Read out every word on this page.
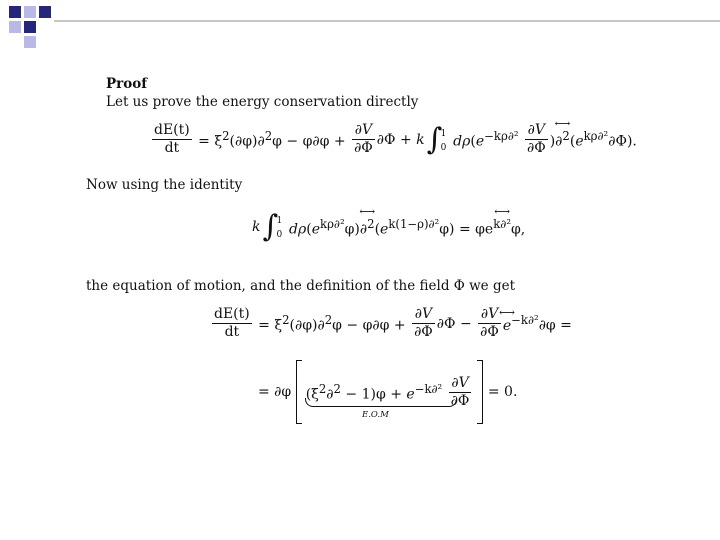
Proof
Let us prove the energy conservation directly
$\frac{dE(t)}{dt} = \xi^2(\partial\varphi)\partial^2\varphi - \varphi\partial\varphi + \frac{\partial V}{\partial\Phi} \partial\Phi + k$ ∫
1
0 $d\rho(e^{-k\rho\partial^2} \frac{\partial V}{\partial\Phi}$ )⟷ $\partial^2(e^{k\rho\partial^2}\partial\Phi)$.
Now using the identity
k ∫
1
0 $d\rho(e^{k\rho\partial^2}\varphi)⟷$ $\partial^2(e^{k(1-\rho)\partial^2}\varphi)$ = φe⟷ $^{k\partial^2}$φ,
the equation of motion, and the definition of the field Φ we get
$\frac{dE(t)}{dt} = \xi^2(\partial\varphi)\partial^2\varphi - \varphi\partial\varphi + \frac{\partial V}{\partial\Phi} \partial\Phi - \frac{\partial V}{\partial\Phi}$
⟷ $e^{-k\partial^2}\partial\varphi$ =
= ∂φ $(\xi^2\partial^2 - 1)\varphi + e^{-k\partial^2} \frac{\partial V}{\partial\Phi}$	= 0.
E.O.M
